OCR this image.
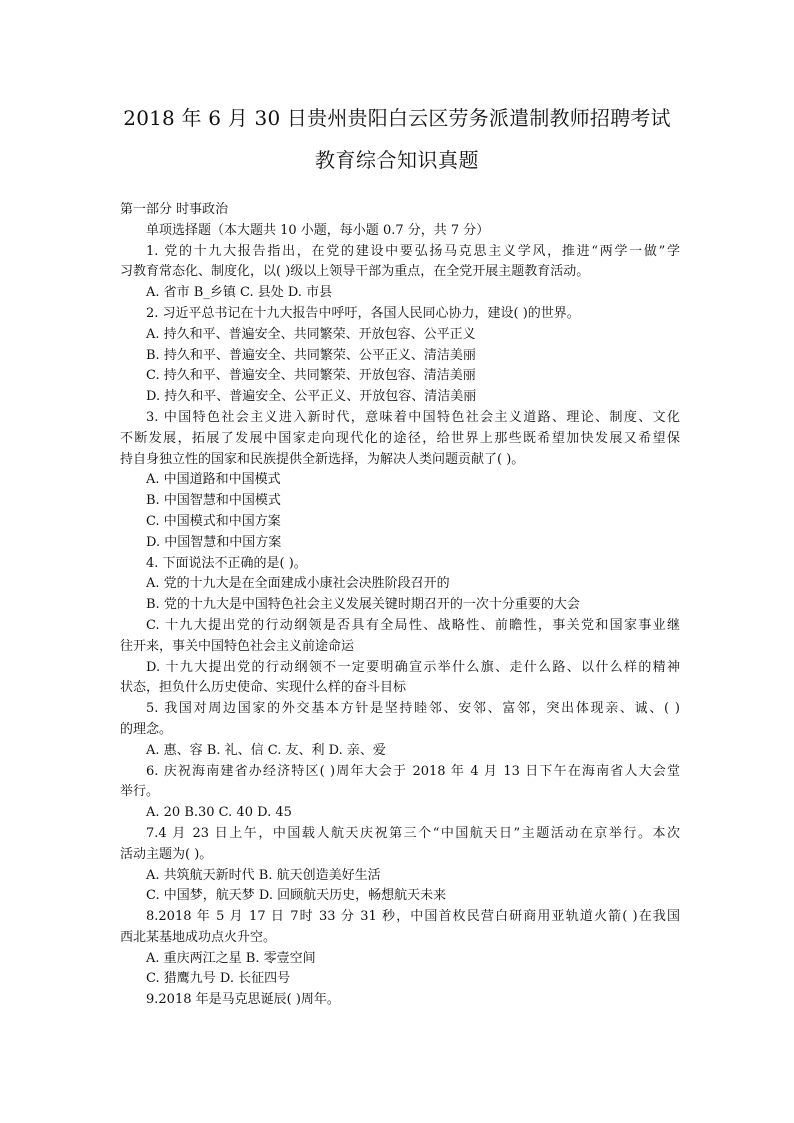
2018 年 6 月 30 日贵州贵阳白云区劳务派遣制教师招聘考试
教育综合知识真题
第一部分 时事政治
单项选择题（本大题共 10 小题，每小题 0.7 分，共 7 分）
1. 党的十九大报告指出，在党的建设中要弘扬马克思主义学风，推进“两学一做”学
习教育常态化、制度化，以( )级以上领导干部为重点，在全党开展主题教育活动。
A. 省市 B_乡镇 C. 县处 D. 市县
2. 习近平总书记在十九大报告中呼吁，各国人民同心协力，建设( )的世界。
A. 持久和平、普遍安全、共同繁荣、开放包容、公平正义
B. 持久和平、普遍安全、共同繁荣、公平正义、清洁美丽
C. 持久和平、普遍安全、共同繁荣、开放包容、清洁美丽
D. 持久和平、普遍安全、公平正义、开放包容、清洁美丽
3. 中国特色社会主义进入新时代，意味着中国特色社会主义道路、理论、制度、文化
不断发展，拓展了发展中国家走向现代化的途径，给世界上那些既希望加快发展又希望保
持自身独立性的国家和民族提供全新选择，为解决人类问题贡献了( )。
A. 中国道路和中国模式
B. 中国智慧和中国模式
C. 中国模式和中国方案
D. 中国智慧和中国方案
4. 下面说法不正确的是( )。
A. 党的十九大是在全面建成小康社会决胜阶段召开的
B. 党的十九大是中国特色社会主义发展关键时期召开的一次十分重要的大会
C. 十九大提出党的行动纲领是否具有全局性、战略性、前瞻性，事关党和国家事业继
往开来，事关中国特色社会主义前途命运
D. 十九大提出党的行动纲领不一定要明确宣示举什么旗、走什么路、以什么样的精神
状态，担负什么历史使命、实现什么样的奋斗目标
5. 我国对周边国家的外交基本方针是坚持睦邻、安邻、富邻，突出体现亲、诚、( )
的理念。
A. 惠、容 B. 礼、信 C. 友、利 D. 亲、爱
6. 庆祝海南建省办经济特区( )周年大会于 2018 年 4 月 13 日下午在海南省人大会堂
举行。
A. 20 B.30 C. 40 D. 45
7.4 月 23 日上午，中国载人航天庆祝第三个“中国航天日”主题活动在京举行。本次
活动主题为( )。
A. 共筑航天新时代 B. 航天创造美好生活
C. 中国梦，航天梦 D. 回顾航天历史，畅想航天未来
8.2018 年 5 月 17 日 7时 33 分 31 秒，中国首枚民营白研商用亚轨道火箭( )在我国
西北某基地成功点火升空。
A. 重庆两江之星 B. 零壹空间
C. 猎鹰九号 D. 长征四号
9.2018 年是马克思诞辰( )周年。
